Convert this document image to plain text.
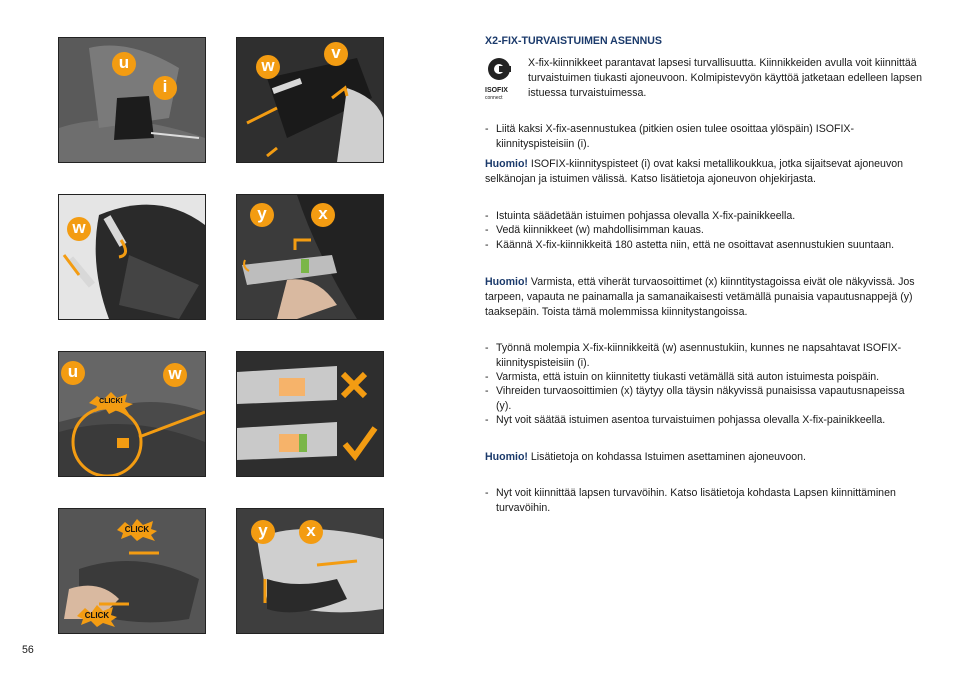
u
i
w
v
w
y	x
u	w
CLICK!
CLICK
CLICK
y	x
X2-FIX-TURVAISTUIMEN ASENNUS
ISOFIX
connect

X-fix-kiinnikkeet parantavat lapsesi turvallisuutta. Kiinnikkeiden avulla voit kiinnittää turvaistuimen tiukasti ajoneuvoon. Kolmipistevyön käyttöä jatketaan edelleen lapsen istuessa turvaistuimessa.

- Liitä kaksi X-fix-asennustukea (pitkien osien tulee osoittaa ylöspäin) ISOFIX-kiinnityspisteisiin (i).

Huomio! ISOFIX-kiinnityspisteet (i) ovat kaksi metallikoukkua, jotka sijaitsevat ajoneuvon selkänojan ja istuimen välissä. Katso lisätietoja ajoneuvon ohjekirjasta.

- Istuinta säädetään istuimen pohjassa olevalla X-fix-painikkeella.
- Vedä kiinnikkeet (w) mahdollisimman kauas.
- Käännä X-fix-kiinnikkeitä 180 astetta niin, että ne osoittavat asennustukien suuntaan.

Huomio! Varmista, että viherät turvaosoittimet (x) kiinntitystagoissa eivät ole näkyvissä. Jos tarpeen, vapauta ne painamalla ja samanaikaisesti vetämällä punaisia vapautusnappejä (y) taaksepäin. Toista tämä molemmissa kiinnitystangoissa.

- Työnnä molempia X-fix-kiinnikkeitä (w) asennustukiin, kunnes ne napsahtavat ISOFIX-kiinnityspisteisiin (i).
- Varmista, että istuin on kiinnitetty tiukasti vetämällä sitä auton istuimesta poispäin.
- Vihreiden turvaosoittimien (x) täytyy olla täysin näkyvissä punaisissa vapautusnapeissa (y).
- Nyt voit säätää istuimen asentoa turvaistuimen pohjassa olevalla X-fix-painikkeella.

Huomio! Lisätietoja on kohdassa Istuimen asettaminen ajoneuvoon.

- Nyt voit kiinnittää lapsen turvavöihin. Katso lisätietoja kohdasta Lapsen kiinnittäminen turvavöihin.
56
